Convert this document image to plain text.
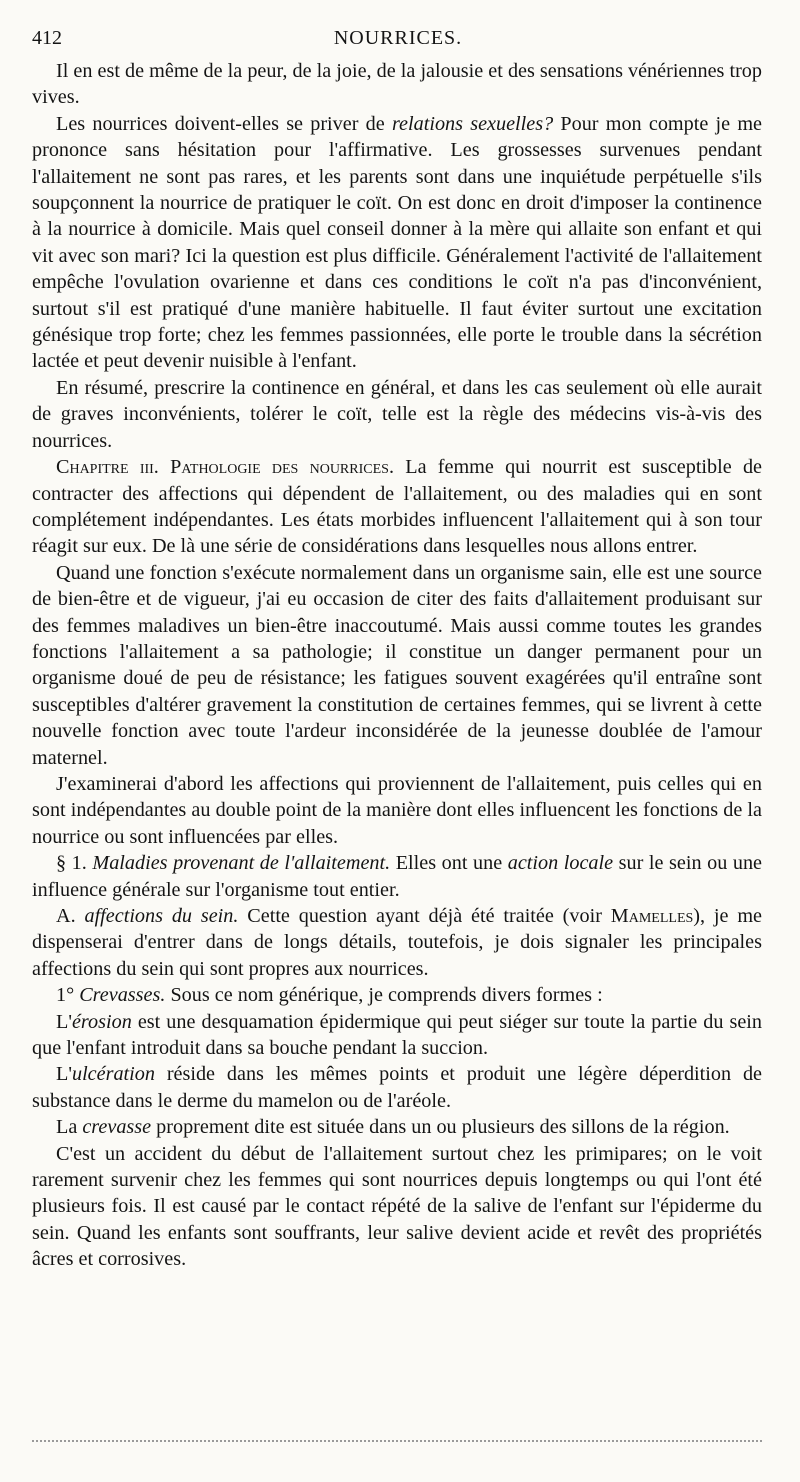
412	NOURRICES.

Il en est de même de la peur, de la joie, de la jalousie et des sensations vénériennes trop vives.

Les nourrices doivent-elles se priver de relations sexuelles? Pour mon compte je me prononce sans hésitation pour l'affirmative. Les grossesses survenues pendant l'allaitement ne sont pas rares, et les parents sont dans une inquiétude perpétuelle s'ils soupçonnent la nourrice de pratiquer le coït. On est donc en droit d'imposer la continence à la nourrice à domicile. Mais quel conseil donner à la mère qui allaite son enfant et qui vit avec son mari? Ici la question est plus difficile. Généralement l'activité de l'allaitement empêche l'ovulation ovarienne et dans ces conditions le coït n'a pas d'inconvénient, surtout s'il est pratiqué d'une manière habituelle. Il faut éviter surtout une excitation génésique trop forte; chez les femmes passionnées, elle porte le trouble dans la sécrétion lactée et peut devenir nuisible à l'enfant.

En résumé, prescrire la continence en général, et dans les cas seulement où elle aurait de graves inconvénients, tolérer le coït, telle est la règle des médecins vis-à-vis des nourrices.

Chapitre iii. Pathologie des nourrices. La femme qui nourrit est susceptible de contracter des affections qui dépendent de l'allaitement, ou des maladies qui en sont complétement indépendantes. Les états morbides influencent l'allaitement qui à son tour réagit sur eux. De là une série de considérations dans lesquelles nous allons entrer.

Quand une fonction s'exécute normalement dans un organisme sain, elle est une source de bien-être et de vigueur, j'ai eu occasion de citer des faits d'allaitement produisant sur des femmes maladives un bien-être inaccoutumé. Mais aussi comme toutes les grandes fonctions l'allaitement a sa pathologie; il constitue un danger permanent pour un organisme doué de peu de résistance; les fatigues souvent exagérées qu'il entraîne sont susceptibles d'altérer gravement la constitution de certaines femmes, qui se livrent à cette nouvelle fonction avec toute l'ardeur inconsidérée de la jeunesse doublée de l'amour maternel.

J'examinerai d'abord les affections qui proviennent de l'allaitement, puis celles qui en sont indépendantes au double point de la manière dont elles influencent les fonctions de la nourrice ou sont influencées par elles.

§ 1. Maladies provenant de l'allaitement. Elles ont une action locale sur le sein ou une influence générale sur l'organisme tout entier.

A. affections du sein. Cette question ayant déjà été traitée (voir Mamelles), je me dispenserai d'entrer dans de longs détails, toutefois, je dois signaler les principales affections du sein qui sont propres aux nourrices.

1° Crevasses. Sous ce nom générique, je comprends divers formes :

L'érosion est une desquamation épidermique qui peut siéger sur toute la partie du sein que l'enfant introduit dans sa bouche pendant la succion.

L'ulcération réside dans les mêmes points et produit une légère déperdition de substance dans le derme du mamelon ou de l'aréole.

La crevasse proprement dite est située dans un ou plusieurs des sillons de la région.

C'est un accident du début de l'allaitement surtout chez les primipares; on le voit rarement survenir chez les femmes qui sont nourrices depuis longtemps ou qui l'ont été plusieurs fois. Il est causé par le contact répété de la salive de l'enfant sur l'épiderme du sein. Quand les enfants sont souffrants, leur salive devient acide et revêt des propriétés âcres et corrosives.
